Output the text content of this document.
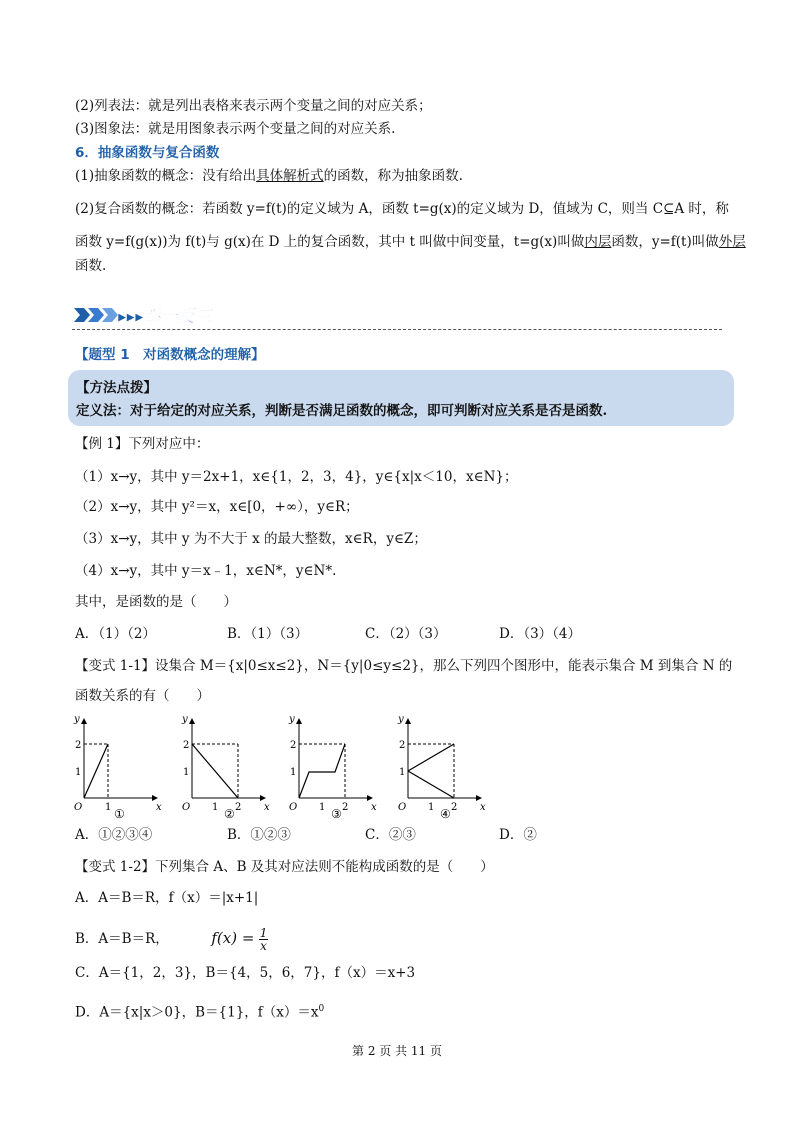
(2)列表法：就是列出表格来表示两个变量之间的对应关系；
(3)图象法：就是用图象表示两个变量之间的对应关系.
6．抽象函数与复合函数
(1)抽象函数的概念：没有给出具体解析式的函数，称为抽象函数.
(2)复合函数的概念：若函数 y=f(t)的定义域为 A，函数 t=g(x)的定义域为 D，值域为 C，则当 C⊆A 时，称
函数 y=f(g(x))为 f(t)与 g(x)在 D 上的复合函数，其中 t 叫做中间变量，t=g(x)叫做内层函数，y=f(t)叫做外层
函数.
▸▸▸举一反三
【题型 1　对函数概念的理解】
【方法点拨】
定义法：对于给定的对应关系，判断是否满足函数的概念，即可判断对应关系是否是函数.
【例 1】下列对应中：
（1）x→y，其中 y＝2x+1，x∈{1，2，3，4}，y∈{x|x＜10，x∈N}；
（2）x→y，其中 y²＝x，x∈[0，+∞），y∈R；
（3）x→y，其中 y 为不大于 x 的最大整数，x∈R，y∈Z；
（4）x→y，其中 y＝x﹣1，x∈N*，y∈N*.
其中，是函数的是（　　）
A．（1）（2）	B．（1）（3）	C．（2）（3）	D．（3）（4）
【变式 1-1】设集合 M＝{x|0≤x≤2}，N＝{y|0≤y≤2}，那么下列四个图形中，能表示集合 M 到集合 N 的
函数关系的有（　　）
y
x
O
2
1
1 ①
y
x
O
2
1
1 2
②
y
x
O
2
1
1 2
③
y
x
O
2
1
1 2
④
A．①②③④	B．①②③	C．②③	D．②
【变式 1-2】下列集合 A、B 及其对应法则不能构成函数的是（　　）
A．A＝B＝R，f（x）＝|x+1|
B．A＝B＝R，	$f(x) = \frac{1}{x}$
C．A＝{1，2，3}，B＝{4，5，6，7}，f（x）＝x+3
D．A＝{x|x＞0}，B＝{1}，$f(x)=x^0$
第 2 页 共 11 页
